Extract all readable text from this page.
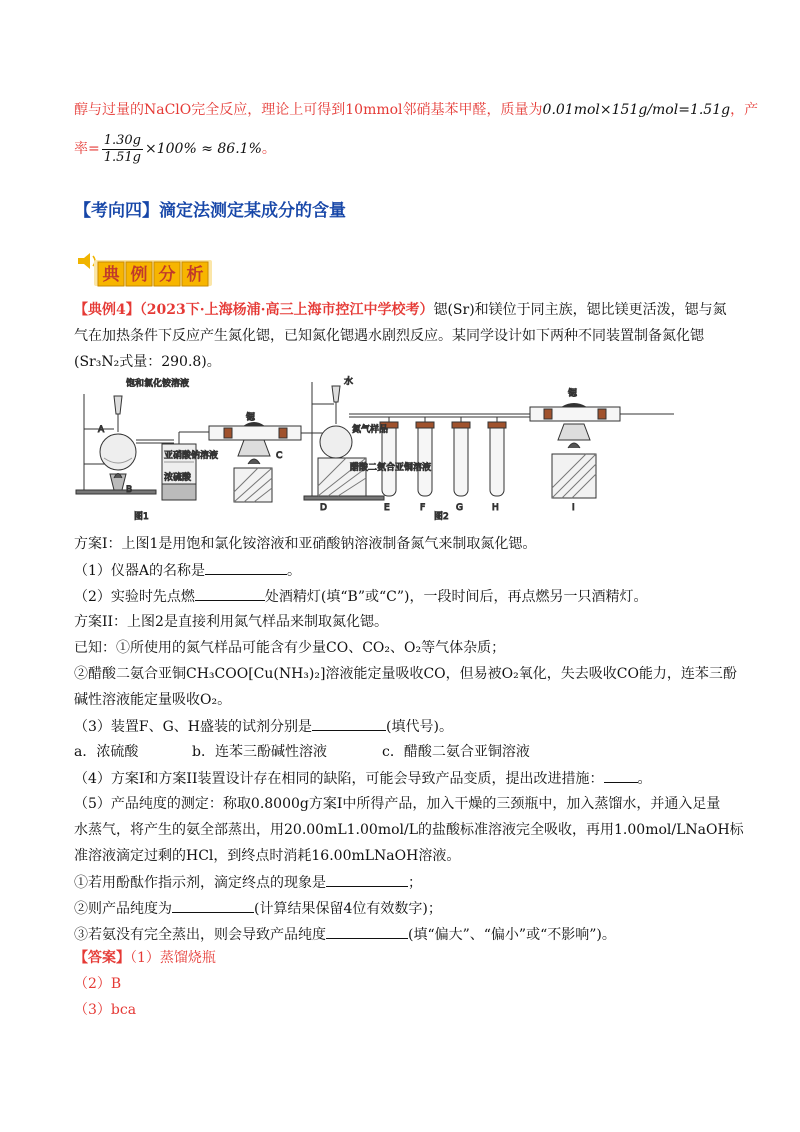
醇与过量的NaClO完全反应，理论上可得到10mmol邻硝基苯甲醛，质量为0.01mol×151g/mol=1.51g，产
率= $\frac{1.30g}{1.51g} \times 100\% \approx 86.1\%$。
【考向四】滴定法测定某成分的含量
典 例 分 析
【典例4】（2023下·上海杨浦·高三上海市控江中学校考）锶(Sr)和镁位于同主族，锶比镁更活泼，锶与氮
气在加热条件下反应产生氮化锶，已知氮化锶遇水剧烈反应。某同学设计如下两种不同装置制备氮化锶
(Sr₃N₂式量：290.8)。
图1
饱和氯化铵溶液
A
亚硝酸钠溶液
浓硫酸
锶
B
C
图2
水
氮气样品
锶
醋酸二氨合亚铜溶液
D	E	F	G	H	I
方案I：上图1是用饱和氯化铵溶液和亚硝酸钠溶液制备氮气来制取氮化锶。
（1）仪器A的名称是	。
（2）实验时先点燃	处酒精灯(填“B”或“C”)，一段时间后，再点燃另一只酒精灯。
方案II：上图2是直接利用氮气样品来制取氮化锶。
已知：①所使用的氮气样品可能含有少量CO、CO₂、O₂等气体杂质；
②醋酸二氨合亚铜CH₃COO[Cu(NH₃)₂]溶液能定量吸收CO，但易被O₂氧化，失去吸收CO能力，连苯三酚
碱性溶液能定量吸收O₂。
（3）装置F、G、H盛装的试剂分别是	(填代号)。
a．浓硫酸	b．连苯三酚碱性溶液	c．醋酸二氨合亚铜溶液
（4）方案I和方案II装置设计存在相同的缺陷，可能会导致产品变质，提出改进措施： 。
（5）产品纯度的测定：称取0.8000g方案I中所得产品，加入干燥的三颈瓶中，加入蒸馏水，并通入足量
水蒸气，将产生的氨全部蒸出，用20.00mL1.00mol/L的盐酸标准溶液完全吸收，再用1.00mol/LNaOH标
准溶液滴定过剩的HCl，到终点时消耗16.00mLNaOH溶液。
①若用酚酞作指示剂，滴定终点的现象是	；
②则产品纯度为	(计算结果保留4位有效数字)；
③若氨没有完全蒸出，则会导致产品纯度	(填“偏大”、“偏小”或“不影响”)。
【答案】（1）蒸馏烧瓶
（2）B
（3）bca
